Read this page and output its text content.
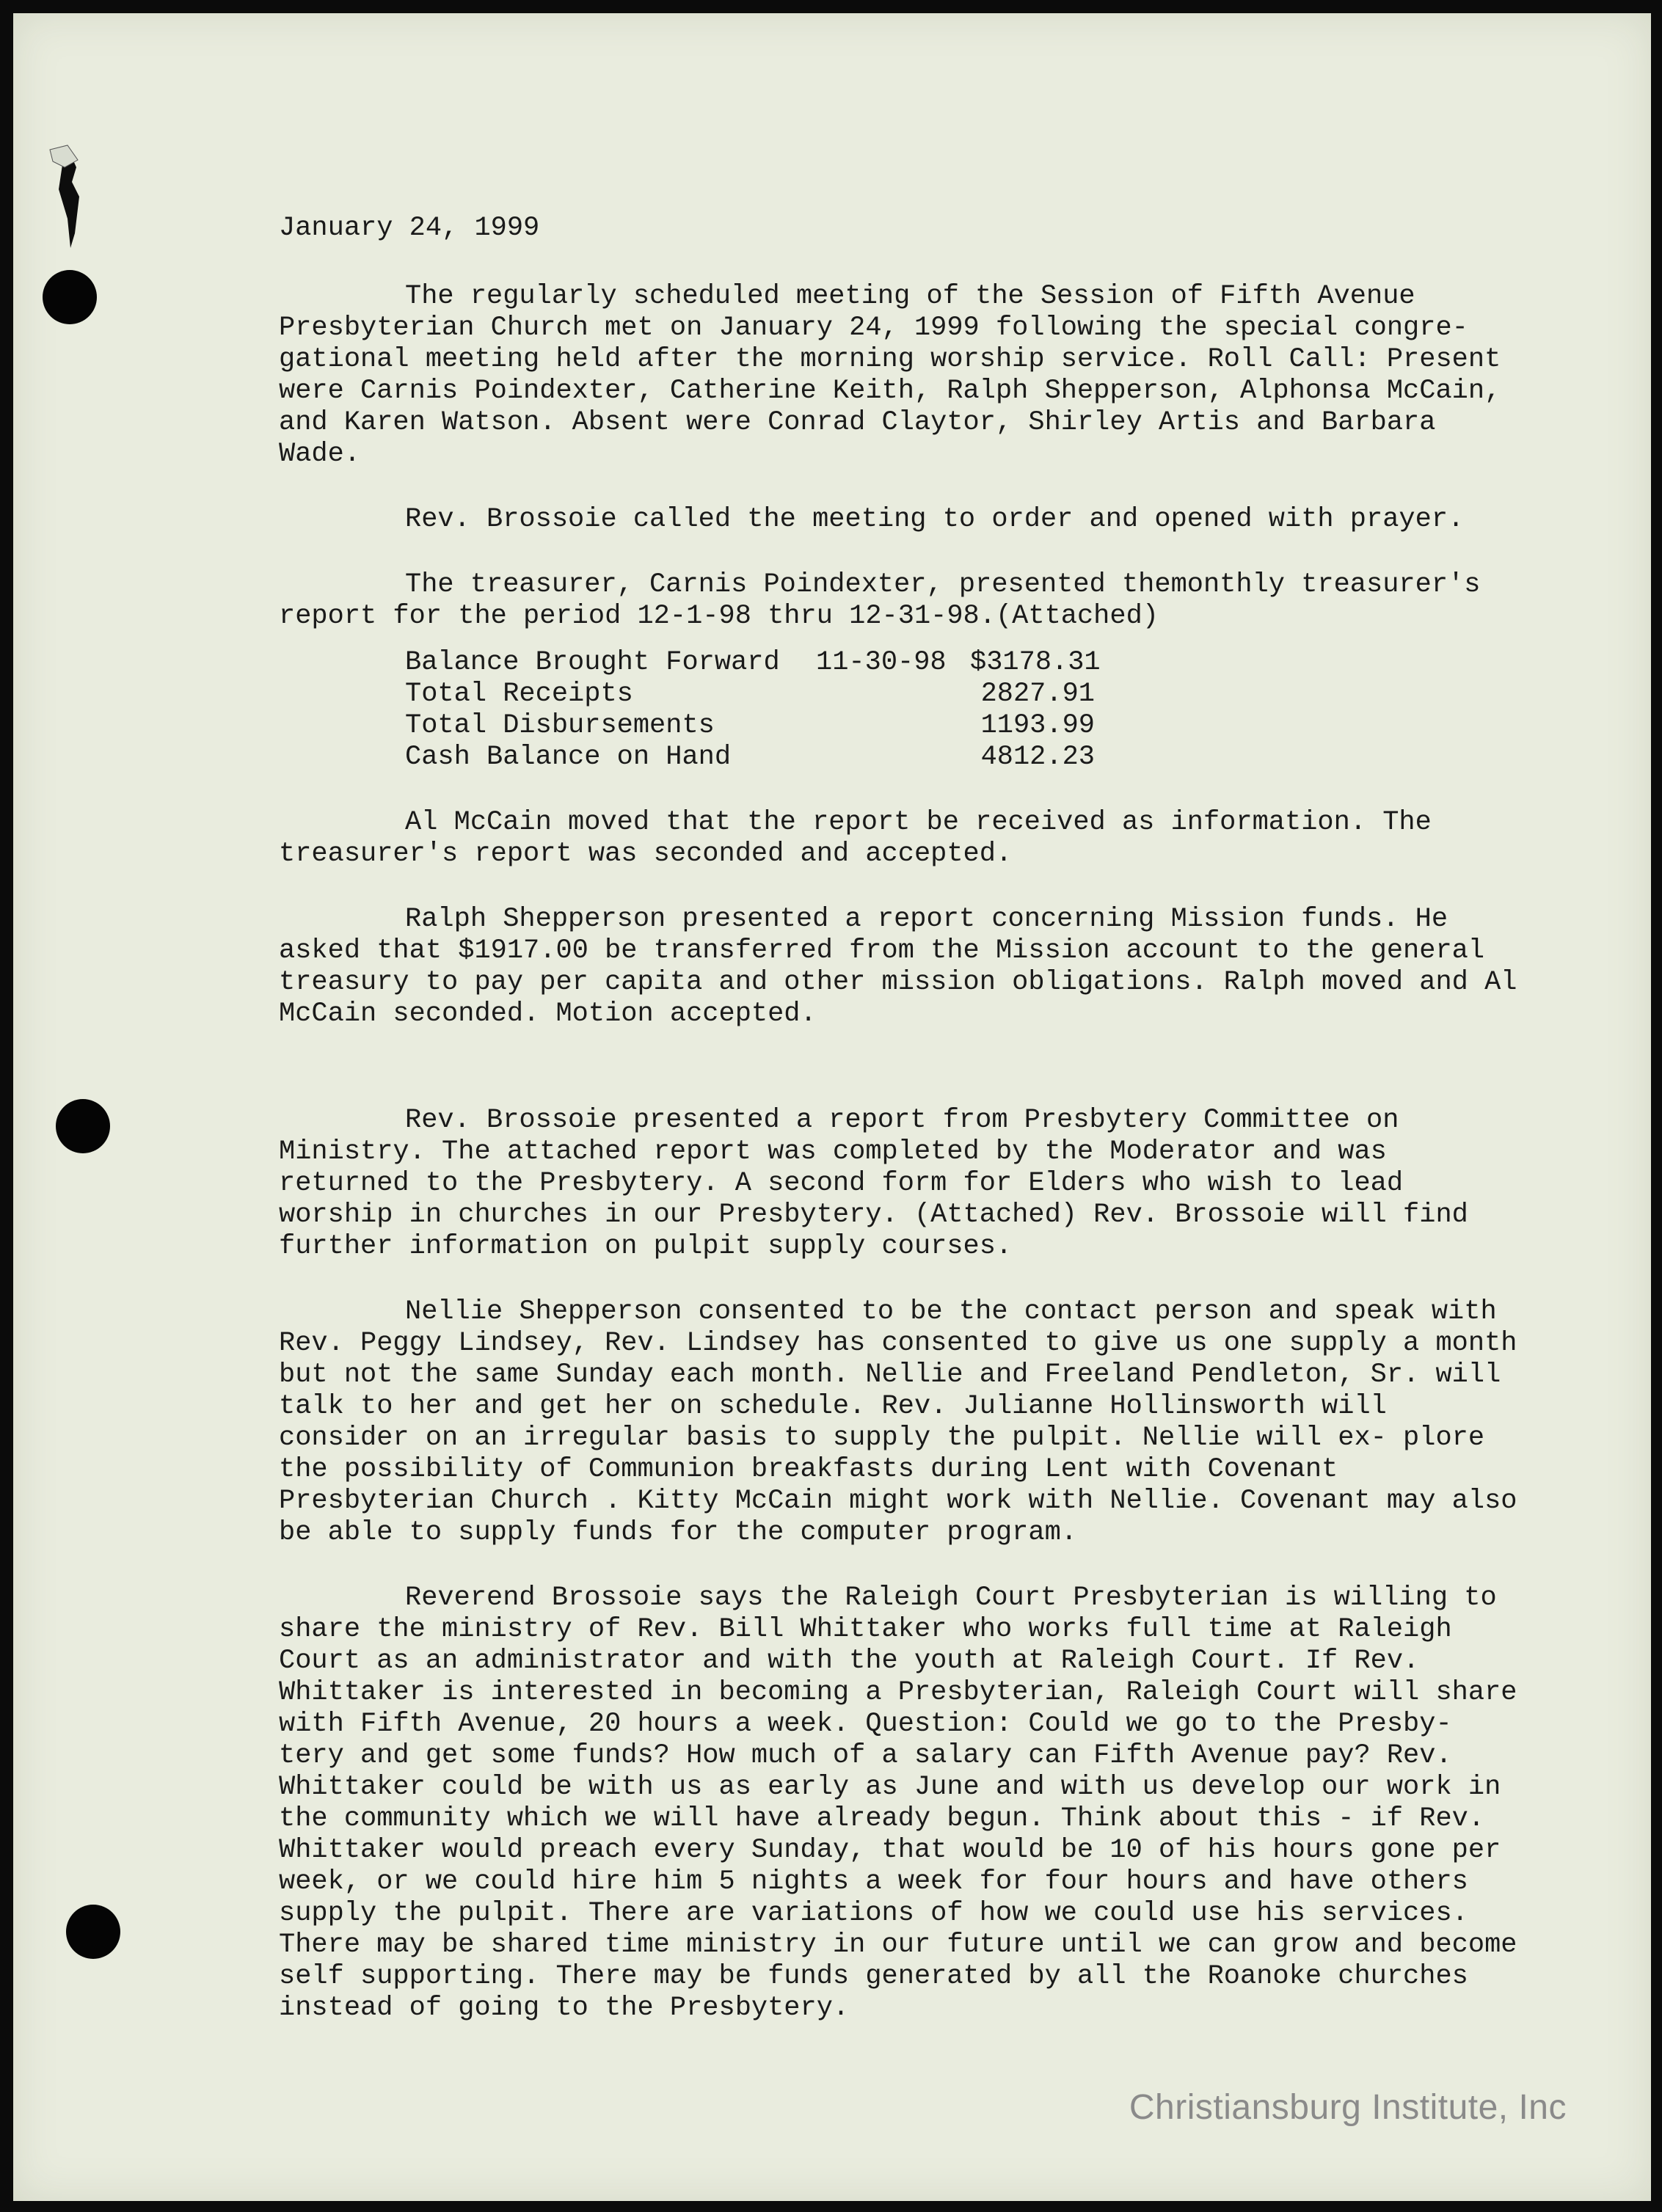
January 24, 1999
The regularly scheduled meeting of the Session of Fifth Avenue Presbyterian Church met on January 24, 1999 following the special congre- gational meeting held after the morning worship service. Roll Call: Present were Carnis Poindexter, Catherine Keith, Ralph Shepperson, Alphonsa McCain, and Karen Watson. Absent were Conrad Claytor, Shirley Artis and Barbara Wade.
Rev. Brossoie called the meeting to order and opened with prayer.
The treasurer, Carnis Poindexter, presented themonthly treasurer's report for the period 12-1-98 thru 12-31-98.(Attached)
Balance Brought Forward	11-30-98 $3178.31
Total Receipts	2827.91
Total Disbursements	1193.99
Cash Balance on Hand	4812.23
Al McCain moved that the report be received as information. The treasurer's report was seconded and accepted.
Ralph Shepperson presented a report concerning Mission funds. He asked that $1917.00 be transferred from the Mission account to the general treasury to pay per capita and other mission obligations. Ralph moved and Al McCain seconded. Motion accepted.
Rev. Brossoie presented a report from Presbytery Committee on Ministry. The attached report was completed by the Moderator and was returned to the Presbytery. A second form for Elders who wish to lead worship in churches in our Presbytery. (Attached) Rev. Brossoie will find further information on pulpit supply courses.
Nellie Shepperson consented to be the contact person and speak with Rev. Peggy Lindsey, Rev. Lindsey has consented to give us one supply a month but not the same Sunday each month. Nellie and Freeland Pendleton, Sr. will talk to her and get her on schedule. Rev. Julianne Hollinsworth will consider on an irregular basis to supply the pulpit. Nellie will ex- plore the possibility of Communion breakfasts during Lent with Covenant Presbyterian Church . Kitty McCain might work with Nellie. Covenant may also be able to supply funds for the computer program.
Reverend Brossoie says the Raleigh Court Presbyterian is willing to share the ministry of Rev. Bill Whittaker who works full time at Raleigh Court as an administrator and with the youth at Raleigh Court. If Rev. Whittaker is interested in becoming a Presbyterian, Raleigh Court will share with Fifth Avenue, 20 hours a week. Question: Could we go to the Presby- tery and get some funds? How much of a salary can Fifth Avenue pay? Rev. Whittaker could be with us as early as June and with us develop our work in the community which we will have already begun. Think about this - if Rev. Whittaker would preach every Sunday, that would be 10 of his hours gone per week, or we could hire him 5 nights a week for four hours and have others supply the pulpit. There are variations of how we could use his services. There may be shared time ministry in our future until we can grow and become self supporting. There may be funds generated by all the Roanoke churches instead of going to the Presbytery.
Christiansburg Institute, Inc
